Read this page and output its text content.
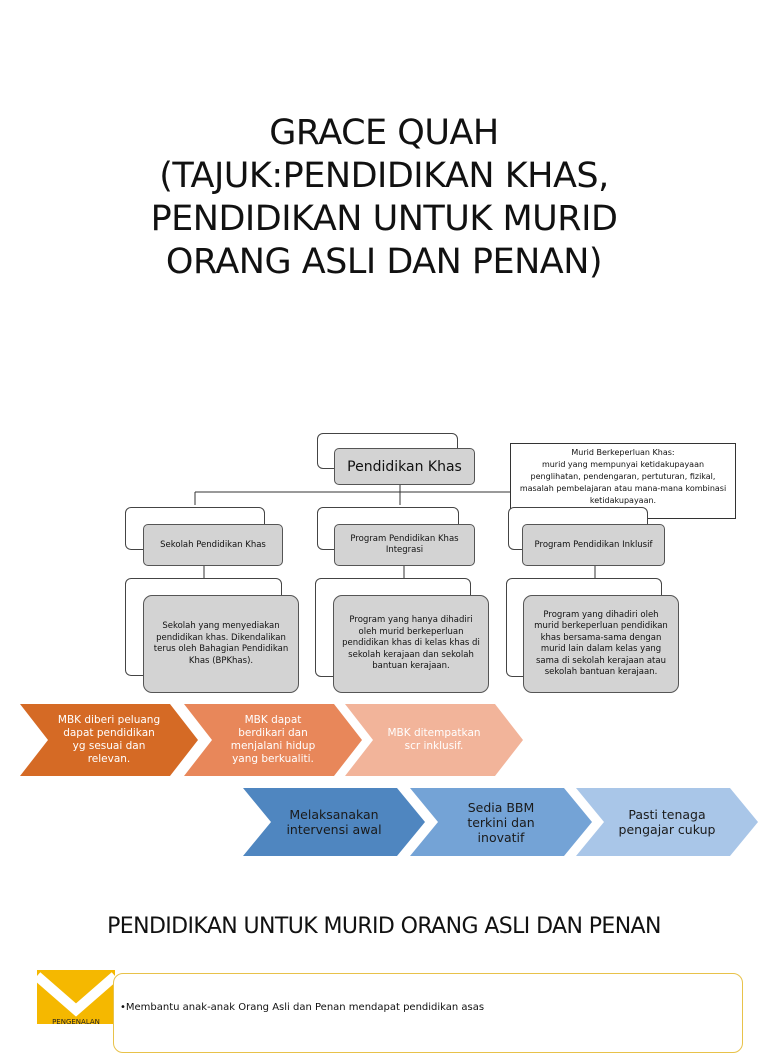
GRACE QUAH
(TAJUK:PENDIDIKAN KHAS,
PENDIDIKAN UNTUK MURID
ORANG ASLI DAN PENAN)
Pendidikan Khas
Murid Berkeperluan Khas:
murid yang mempunyai ketidakupayaan penglihatan, pendengaran, pertuturan, fizikal, masalah pembelajaran atau mana-mana kombinasi ketidakupayaan.
Sekolah Pendidikan Khas
Sekolah yang menyediakan pendidikan khas. Dikendalikan terus oleh Bahagian Pendidikan Khas (BPKhas).
Program Pendidikan Khas Integrasi
Program yang hanya dihadiri oleh murid berkeperluan pendidikan khas di kelas khas di sekolah kerajaan dan sekolah bantuan kerajaan.
Program Pendidikan Inklusif
Program yang dihadiri oleh murid berkeperluan pendidikan khas bersama-sama dengan murid lain dalam kelas yang sama di sekolah kerajaan atau sekolah bantuan kerajaan.
MBK diberi peluang
dapat pendidikan
yg sesuai dan
relevan.
MBK dapat
berdikari dan
menjalani hidup
yang berkualiti.
MBK ditempatkan
scr inklusif.
Melaksanakan
intervensi awal
Sedia BBM
terkini dan
inovatif
Pasti tenaga
pengajar cukup
PENDIDIKAN UNTUK MURID ORANG ASLI DAN PENAN
PENGENALAN
•Membantu anak-anak Orang Asli dan Penan mendapat pendidikan asas
